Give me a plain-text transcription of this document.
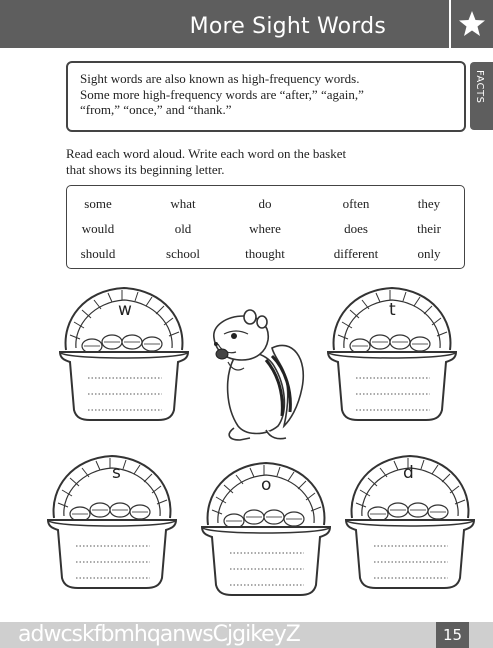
More Sight Words
Sight words are also known as high-frequency words.
Some more high-frequency words are “after,” “again,”
“from,” “once,” and “thank.”
FACTS
Read each word aloud. Write each word on the basket
that shows its beginning letter.
some	what	do	often	they
would	old	where	does	their
should	school	thought	different	only
w	t
s
o
d
adwcskfbmhqanwsCjgikeyZ	15
